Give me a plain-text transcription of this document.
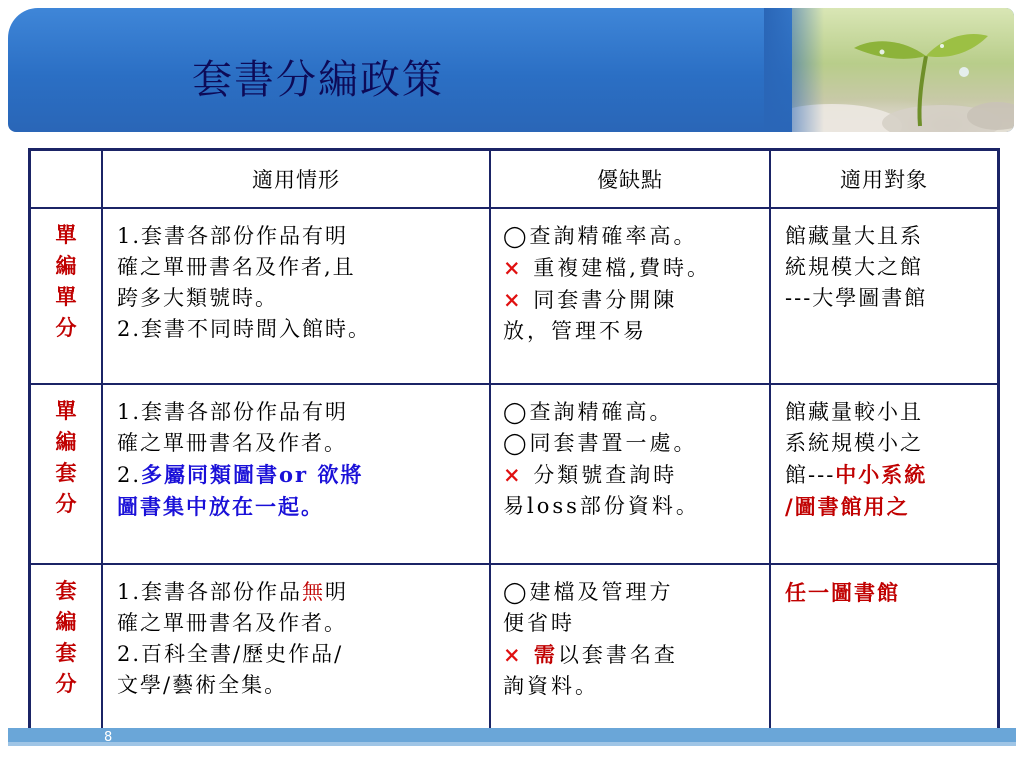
套書分編政策
	適用情形	優缺點	適用對象

單
編
單
分	1.套書各部份作品有明
確之單冊書名及作者,且
跨多大類號時。
2.套書不同時間入館時。	◯查詢精確率高。
× 重複建檔,費時。
× 同套書分開陳
放，管理不易	館藏量大且系
統規模大之館
---大學圖書館

單
編
套
分	1.套書各部份作品有明
確之單冊書名及作者。
2.多屬同類圖書or 欲將
圖書集中放在一起。	◯查詢精確高。
◯同套書置一處。
× 分類號查詢時
易loss部份資料。	館藏量較小且
系統規模小之
館---中小系統
/圖書館用之

套
編
套
分	1.套書各部份作品無明
確之單冊書名及作者。
2.百科全書/歷史作品/
文學/藝術全集。	◯建檔及管理方
便省時
× 需以套書名查
詢資料。	任一圖書館
8
